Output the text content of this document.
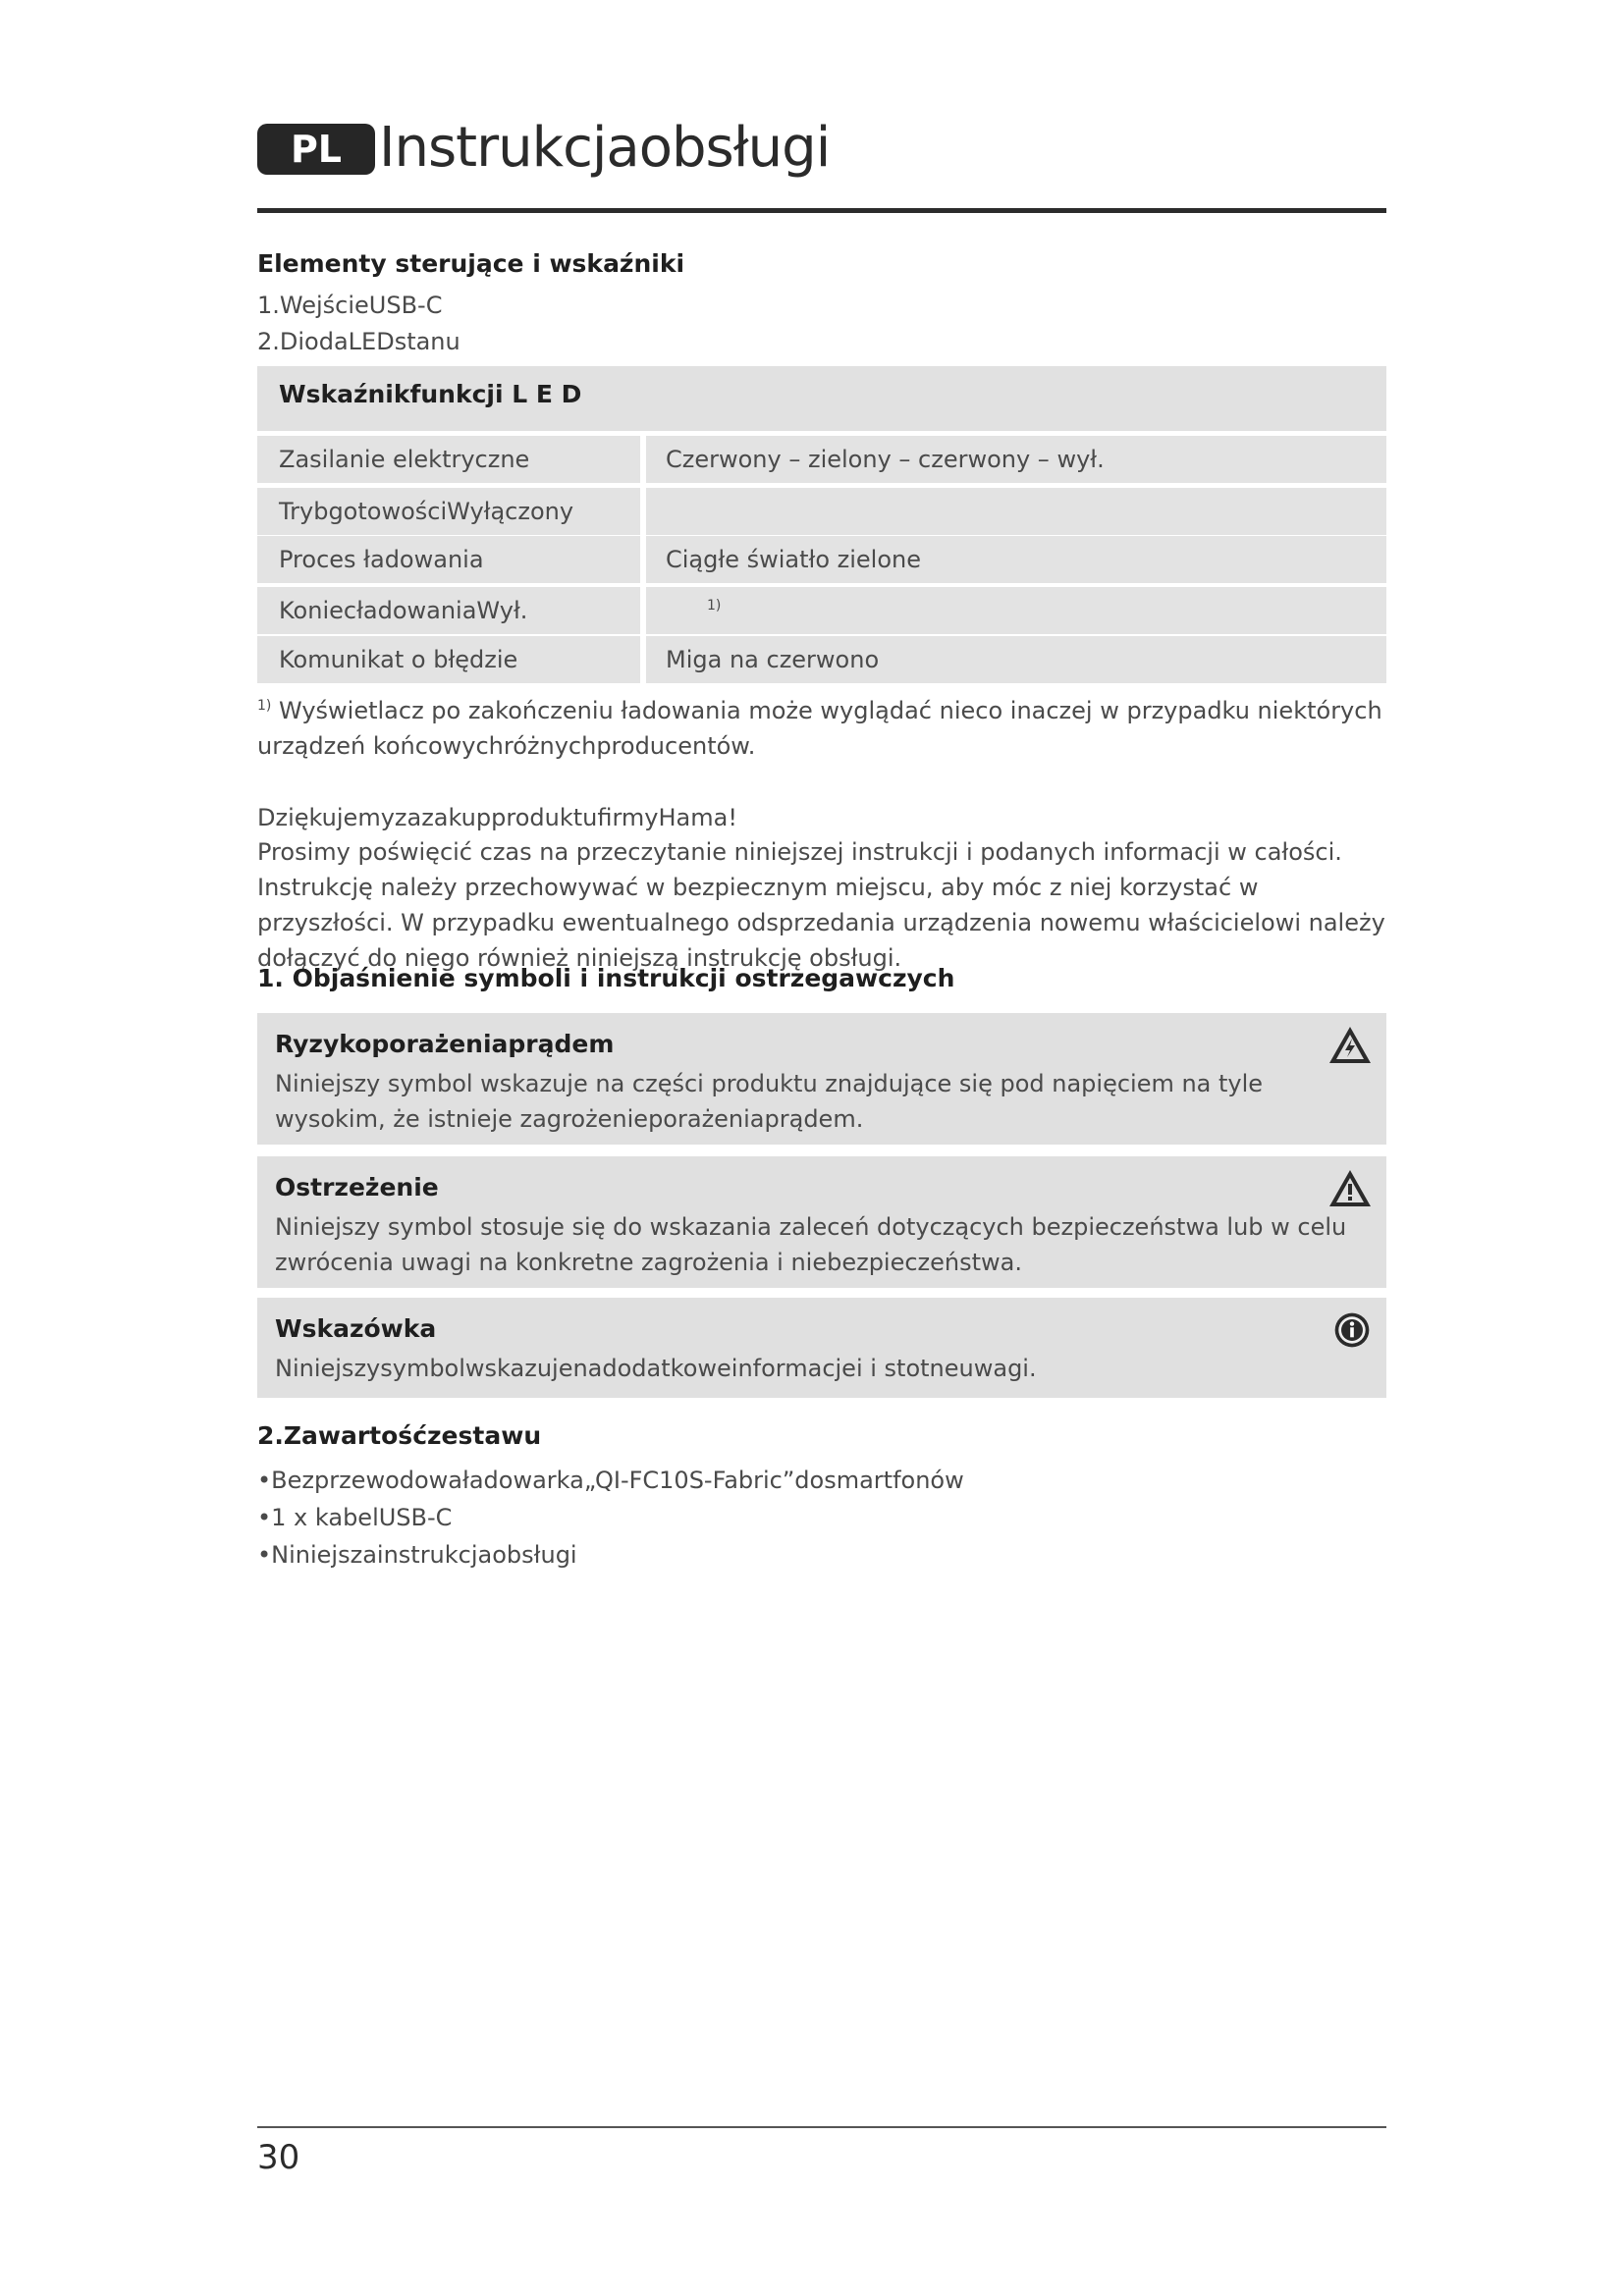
PL Instrukcjaobsługi
Elementy sterujące i wskaźniki
1.WejścieUSB-C
2.DiodaLEDstanu
Wskaźnikfunkcji L E D
Zasilanie elektryczne	Czerwony – zielony – czerwony – wył.
TrybgotowościWyłączony
Proces ładowania	Ciągłe światło zielone
KoniecładowaniaWył.	$^{1)}$
Komunikat o błędzie	Miga na czerwono
$^{1)}$ Wyświetlacz po zakończeniu ładowania może wyglądać nieco inaczej w przypadku niektórych urządzeń końcowychróżnychproducentów.
DziękujemyzazakupproduktufirmyHama!
Prosimy poświęcić czas na przeczytanie niniejszej instrukcji i podanych informacji w całości. Instrukcję należy przechowywać w bezpiecznym miejscu, aby móc z niej korzystać w przyszłości. W przypadku ewentualnego odsprzedania urządzenia nowemu właścicielowi należy dołączyć do niego również niniejszą instrukcję obsługi.
1. Objaśnienie symboli i instrukcji ostrzegawczych
Ryzykoporażeniaprądem
Niniejszy symbol wskazuje na części produktu znajdujące się pod napięciem na tyle wysokim, że istnieje zagrożenieporażeniaprądem.
Ostrzeżenie
Niniejszy symbol stosuje się do wskazania zaleceń dotyczących bezpieczeństwa lub w celu zwrócenia uwagi na konkretne zagrożenia i niebezpieczeństwa.
Wskazówka
Niniejszysymbolwskazujenadodatkoweinformacjei i stotneuwagi.
2.Zawartośćzestawu
• Bezprzewodowaładowarka„QI-FC10S-Fabric”dosmartfonów
• 1 x kabelUSB-C
• Niniejszainstrukcjaobsługi
30
